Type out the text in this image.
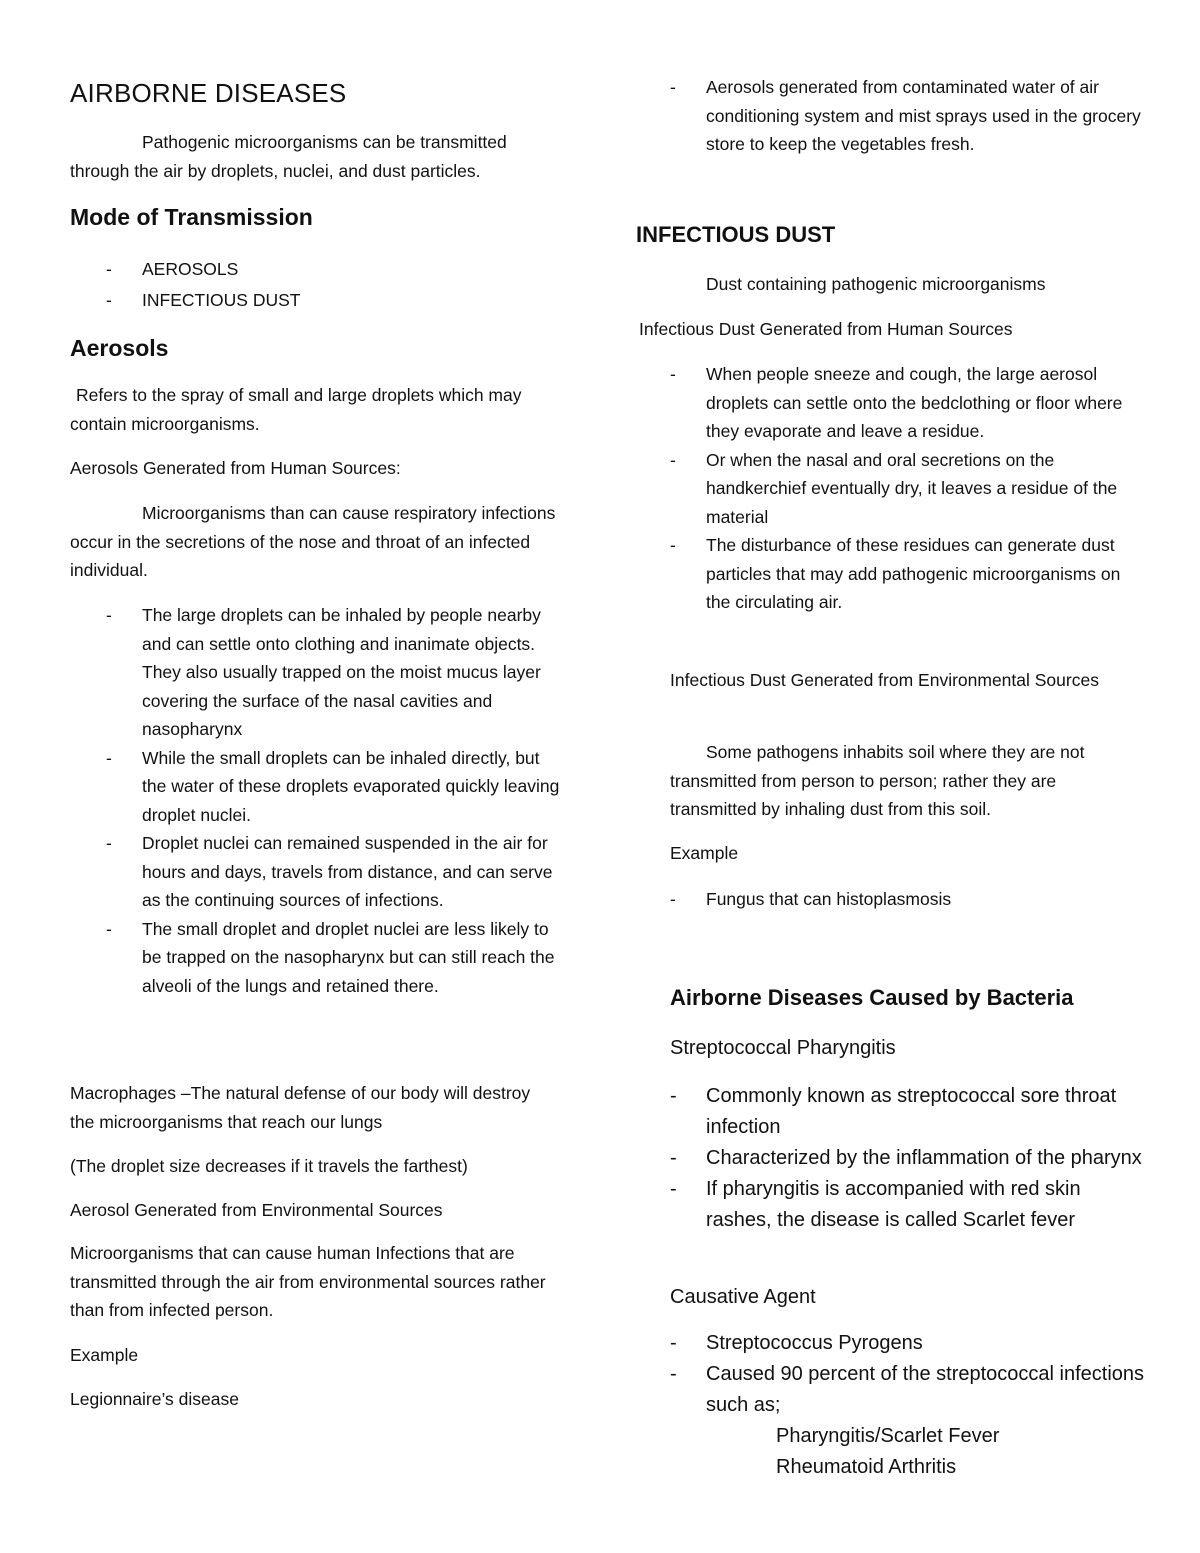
AIRBORNE DISEASES
Pathogenic microorganisms can be transmitted through the air by droplets, nuclei, and dust particles.
Mode of Transmission
- AEROSOLS
- INFECTIOUS DUST
Aerosols
Refers to the spray of small and large droplets which may contain microorganisms.
Aerosols Generated from Human Sources:
Microorganisms than can cause respiratory infections occur in the secretions of the nose and throat of an infected individual.
- The large droplets can be inhaled by people nearby and can settle onto clothing and inanimate objects. They also usually trapped on the moist mucus layer covering the surface of the nasal cavities and nasopharynx
- While the small droplets can be inhaled directly, but the water of these droplets evaporated quickly leaving droplet nuclei.
- Droplet nuclei can remained suspended in the air for hours and days, travels from distance, and can serve as the continuing sources of infections.
- The small droplet and droplet nuclei are less likely to be trapped on the nasopharynx but can still reach the alveoli of the lungs and retained there.
Macrophages –The natural defense of our body will destroy the microorganisms that reach our lungs
(The droplet size decreases if it travels the farthest)
Aerosol Generated from Environmental Sources
Microorganisms that can cause human Infections that are transmitted through the air from environmental sources rather than from infected person.
Example
Legionnaire’s disease
- Aerosols generated from contaminated water of air conditioning system and mist sprays used in the grocery store to keep the vegetables fresh.
INFECTIOUS DUST
Dust containing pathogenic microorganisms
Infectious Dust Generated from Human Sources
- When people sneeze and cough, the large aerosol droplets can settle onto the bedclothing or floor where they evaporate and leave a residue.
- Or when the nasal and oral secretions on the handkerchief eventually dry, it leaves a residue of the material
- The disturbance of these residues can generate dust particles that may add pathogenic microorganisms on the circulating air.
Infectious Dust Generated from Environmental Sources
Some pathogens inhabits soil where they are not transmitted from person to person; rather they are transmitted by inhaling dust from this soil.
Example
- Fungus that can histoplasmosis
Airborne Diseases Caused by Bacteria
Streptococcal Pharyngitis
- Commonly known as streptococcal sore throat infection
- Characterized by the inflammation of the pharynx
- If pharyngitis is accompanied with red skin rashes, the disease is called Scarlet fever
Causative Agent
- Streptococcus Pyrogens
- Caused 90 percent of the streptococcal infections such as;
Pharyngitis/Scarlet Fever
Rheumatoid Arthritis
